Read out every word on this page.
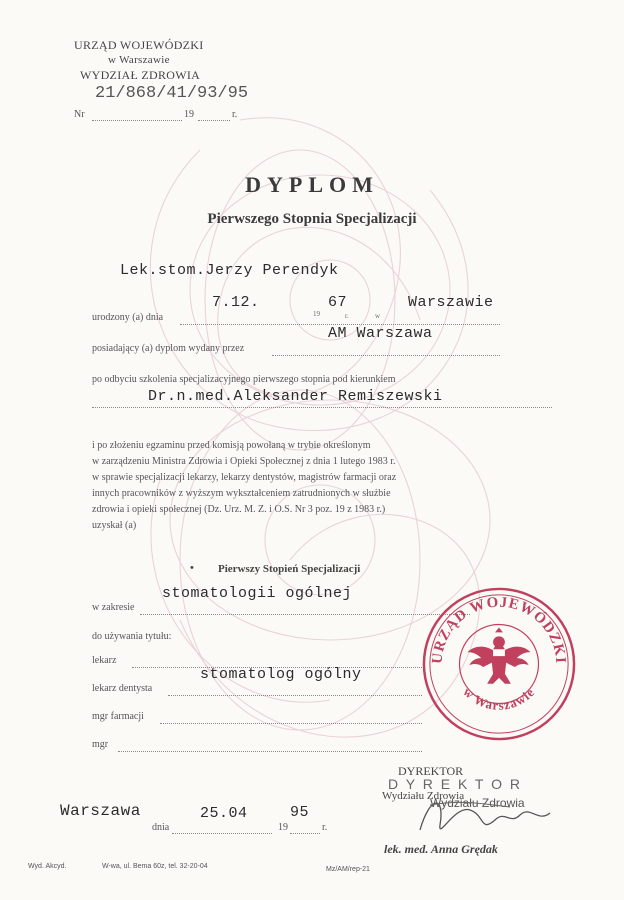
URZĄD WOJEWÓDZKI
w Warszawie
WYDZIAŁ ZDROWIA
21/868/41/93/95
Nr	19	r.
DYPLOM
Pierwszego Stopnia Specjalizacji
Lek.stom.Jerzy Perendyk
urodzony (a) dnia
7.12.	67	Warszawie
19	r.	w
posiadający (a) dyplom wydany przez
AM Warszawa
po odbyciu szkolenia specjalizacyjnego pierwszego stopnia pod kierunkiem
Dr.n.med.Aleksander Remiszewski
i po złożeniu egzaminu przed komisją powołaną w trybie określonym
w zarządzeniu Ministra Zdrowia i Opieki Społecznej z dnia 1 lutego 1983 r.
w sprawie specjalizacji lekarzy, lekarzy dentystów, magistrów farmacji oraz
innych pracowników z wyższym wykształceniem zatrudnionych w służbie
zdrowia i opieki społecznej (Dz. Urz. M. Z. i O.S. Nr 3 poz. 19 z 1983 r.)
uzyskał (a)
• Pierwszy Stopień Specjalizacji
stomatologii ogólnej
w zakresie
do używania tytułu:
lekarz
stomatolog ogólny
lekarz dentysta
mgr farmacji
mgr
URZĄD WOJEWÓDZKI
w Warszawie
DYREKTOR
D Y R E K T O R
Wydziału Zdrowia
Wydziału Zdrowia
lek. med. Anna Grędak
Warszawa	25.04	95
dnia	19	r.
Wyd. Akcyd.	W-wa, ul. Bema 60z, tel. 32-20-04	Mz/AM/rep-21
